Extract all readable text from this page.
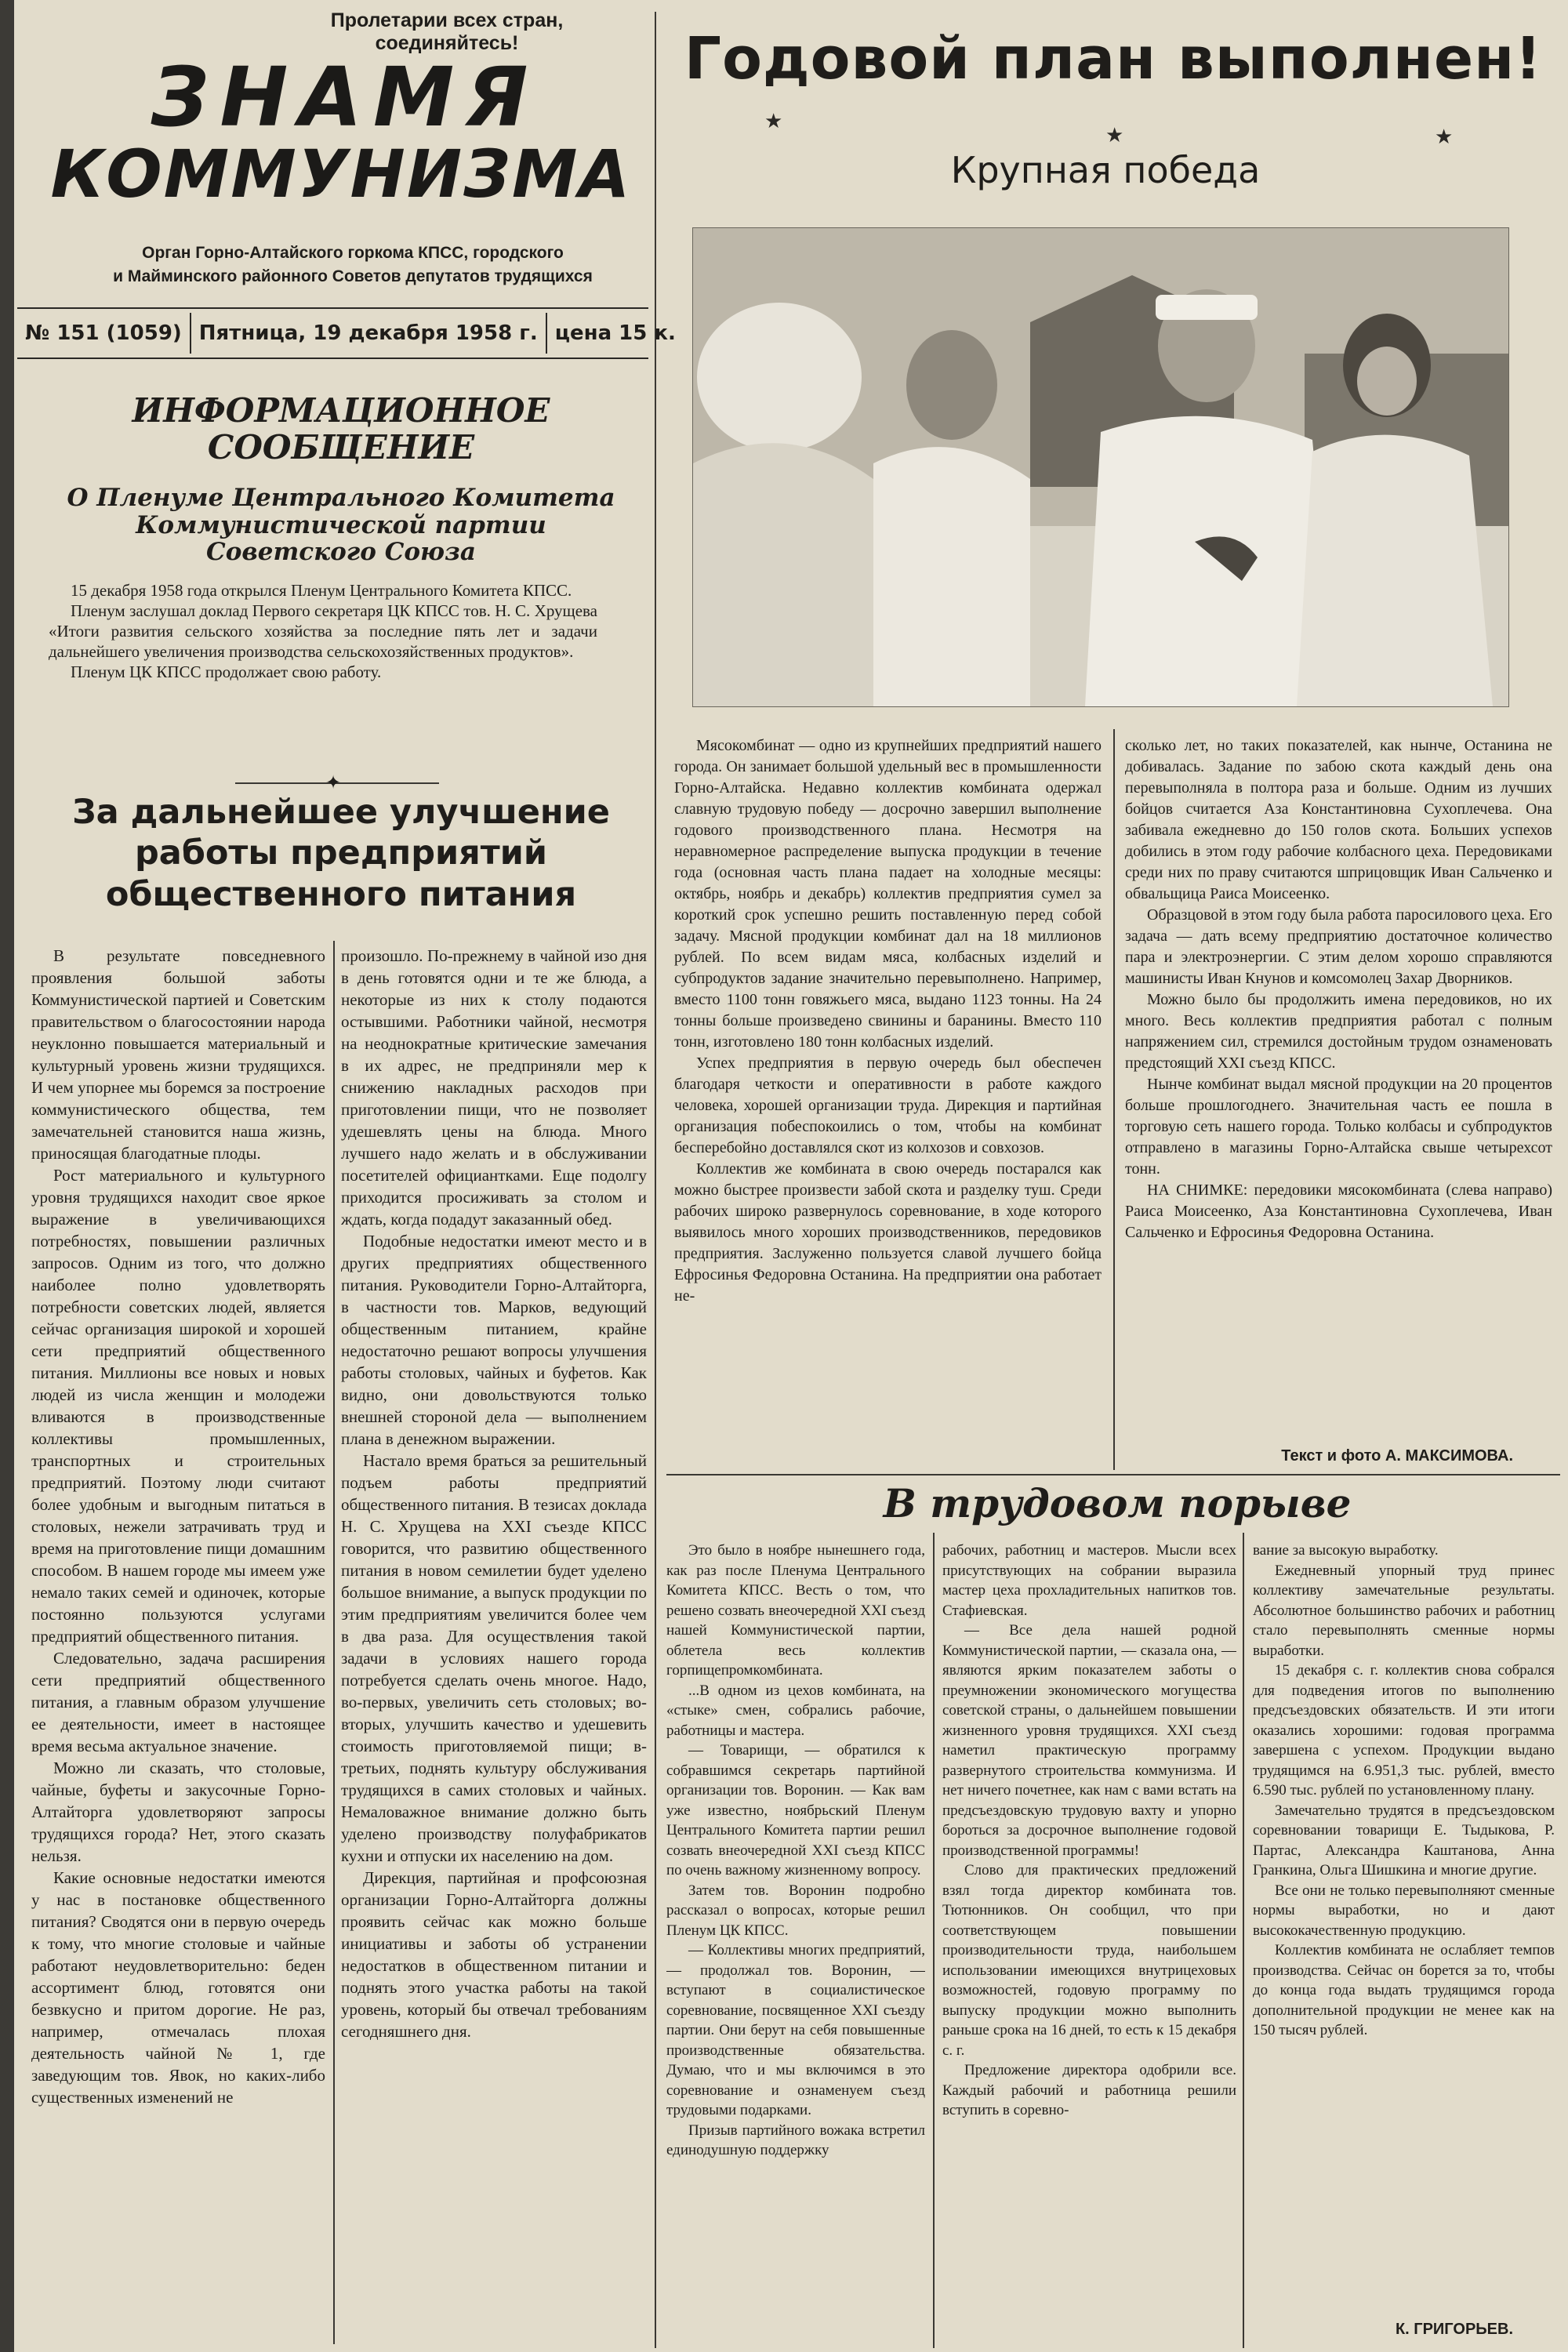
Пролетарии всех стран, соединяйтесь!
ЗНАМЯ
КОММУНИЗМА
Орган Горно-Алтайского горкома КПСС, городского
и Майминского районного Советов депутатов трудящихся
№ 151 (1059) Пятница, 19 декабря 1958 г. цена 15 к.
ИНФОРМАЦИОННОЕ
СООБЩЕНИЕ
О Пленуме Центрального Комитета
Коммунистической партии
Советского Союза

15 декабря 1958 года открылся Пленум Центрального Комитета КПСС.

Пленум заслушал доклад Первого секретаря ЦК КПСС тов. Н. С. Хрущева «Итоги развития сельского хозяйства за последние пять лет и задачи дальнейшего увеличения производства сельскохозяйственных продуктов».

Пленум ЦК КПСС продолжает свою работу.

✦
За дальнейшее улучшение
работы предприятий
общественного питания

В результате повседневного проявления большой заботы Коммунистической партией и Советским правительством о благосостоянии народа неуклонно повышается материальный и культурный уровень жизни трудящихся. И чем упорнее мы боремся за построение коммунистического общества, тем замечательней становится наша жизнь, приносящая благодатные плоды.

Рост материального и культурного уровня трудящихся находит свое яркое выражение в увеличивающихся потребностях, повышении различных запросов. Одним из того, что должно наиболее полно удовлетворять потребности советских людей, является сейчас организация широкой и хорошей сети предприятий общественного питания. Миллионы все новых и новых людей из числа женщин и молодежи вливаются в производственные коллективы промышленных, транспортных и строительных предприятий. Поэтому люди считают более удобным и выгодным питаться в столовых, нежели затрачивать труд и время на приготовление пищи домашним способом. В нашем городе мы имеем уже немало таких семей и одиночек, которые постоянно пользуются услугами предприятий общественного питания.

Следовательно, задача расширения сети предприятий общественного питания, а главным образом улучшение ее деятельности, имеет в настоящее время весьма актуальное значение.

Можно ли сказать, что столовые, чайные, буфеты и закусочные Горно-Алтайторга удовлетворяют запросы трудящихся города? Нет, этого сказать нельзя.

Какие основные недостатки имеются у нас в постановке общественного питания? Сводятся они в первую очередь к тому, что многие столовые и чайные работают неудовлетворительно: беден ассортимент блюд, готовятся они безвкусно и притом дорогие. Не раз, например, отмечалась плохая деятельность чайной № 1, где заведующим тов. Явок, но каких-либо существенных изменений не

произошло. По-прежнему в чайной изо дня в день готовятся одни и те же блюда, а некоторые из них к столу подаются остывшими. Работники чайной, несмотря на неоднократные критические замечания в их адрес, не предприняли мер к снижению накладных расходов при приготовлении пищи, что не позволяет удешевлять цены на блюда. Много лучшего надо желать и в обслуживании посетителей официантками. Еще подолгу приходится просиживать за столом и ждать, когда подадут заказанный обед.

Подобные недостатки имеют место и в других предприятиях общественного питания. Руководители Горно-Алтайторга, в частности тов. Марков, ведующий общественным питанием, крайне недостаточно решают вопросы улучшения работы столовых, чайных и буфетов. Как видно, они довольствуются только внешней стороной дела — выполнением плана в денежном выражении.

Настало время браться за решительный подъем работы предприятий общественного питания. В тезисах доклада Н. С. Хрущева на XXI съезде КПСС говорится, что развитию общественного питания в новом семилетии будет уделено большое внимание, а выпуск продукции по этим предприятиям увеличится более чем в два раза. Для осуществления такой задачи в условиях нашего города потребуется сделать очень многое. Надо, во-первых, увеличить сеть столовых; во-вторых, улучшить качество и удешевить стоимость приготовляемой пищи; в-третьих, поднять культуру обслуживания трудящихся в самих столовых и чайных. Немаловажное внимание должно быть уделено производству полуфабрикатов кухни и отпуски их населению на дом.

Дирекция, партийная и профсоюзная организации Горно-Алтайторга должны проявить сейчас как можно больше инициативы и заботы об устранении недостатков в общественном питании и поднять этого участка работы на такой уровень, который бы отвечал требованиям сегодняшнего дня.

Годовой план выполнен!
★
★	★
Крупная победа

Мясокомбинат — одно из крупнейших предприятий нашего города. Он занимает большой удельный вес в промышленности Горно-Алтайска. Недавно коллектив комбината одержал славную трудовую победу — досрочно завершил выполнение годового производственного плана. Несмотря на неравномерное распределение выпуска продукции в течение года (основная часть плана падает на холодные месяцы: октябрь, ноябрь и декабрь) коллектив предприятия сумел за короткий срок успешно решить поставленную перед собой задачу. Мясной продукции комбинат дал на 18 миллионов рублей. По всем видам мяса, колбасных изделий и субпродуктов задание значительно перевыполнено. Например, вместо 1100 тонн говяжьего мяса, выдано 1123 тонны. На 24 тонны больше произведено свинины и баранины. Вместо 110 тонн, изготовлено 180 тонн колбасных изделий.

Успех предприятия в первую очередь был обеспечен благодаря четкости и оперативности в работе каждого человека, хорошей организации труда. Дирекция и партийная организация побеспокоились о том, чтобы на комбинат бесперебойно доставлялся скот из колхозов и совхозов.

Коллектив же комбината в свою очередь постарался как можно быстрее произвести забой скота и разделку туш. Среди рабочих широко развернулось соревнование, в ходе которого выявилось много хороших производственников, передовиков предприятия. Заслуженно пользуется славой лучшего бойца Ефросинья Федоровна Останина. На предприятии она работает не-

сколько лет, но таких показателей, как нынче, Останина не добивалась. Задание по забою скота каждый день она перевыполняла в полтора раза и больше. Одним из лучших бойцов считается Аза Константиновна Сухоплечева. Она забивала ежедневно до 150 голов скота. Больших успехов добились в этом году рабочие колбасного цеха. Передовиками среди них по праву считаются шприцовщик Иван Сальченко и обвальщица Раиса Моисеенко.

Образцовой в этом году была работа паросилового цеха. Его задача — дать всему предприятию достаточное количество пара и электроэнергии. С этим делом хорошо справляются машинисты Иван Кнунов и комсомолец Захар Дворников.

Можно было бы продолжить имена передовиков, но их много. Весь коллектив предприятия работал с полным напряжением сил, стремился достойным трудом ознаменовать предстоящий XXI съезд КПСС.

Нынче комбинат выдал мясной продукции на 20 процентов больше прошлогоднего. Значительная часть ее пошла в торговую сеть нашего города. Только колбасы и субпродуктов отправлено в магазины Горно-Алтайска свыше четырехсот тонн.

НА СНИМКЕ: передовики мясокомбината (слева направо) Раиса Моисеенко, Аза Константиновна Сухоплечева, Иван Сальченко и Ефросинья Федоровна Останина.

Текст и фото А. МАКСИМОВА.
В трудовом порыве

Это было в ноябре нынешнего года, как раз после Пленума Центрального Комитета КПСС. Весть о том, что решено созвать внеочередной XXI съезд нашей Коммунистической партии, облетела весь коллектив горпищепромкомбината.

...В одном из цехов комбината, на «стыке» смен, собрались рабочие, работницы и мастера.

— Товарищи, — обратился к собравшимся секретарь партийной организации тов. Воронин. — Как вам уже известно, ноябрьский Пленум Центрального Комитета партии решил созвать внеочередной XXI съезд КПСС по очень важному жизненному вопросу.

Затем тов. Воронин подробно рассказал о вопросах, которые решил Пленум ЦК КПСС.

— Коллективы многих предприятий, — продолжал тов. Воронин, — вступают в социалистическое соревнование, посвященное XXI съезду партии. Они берут на себя повышенные производственные обязательства. Думаю, что и мы включимся в это соревнование и ознаменуем съезд трудовыми подарками.

Призыв партийного вожака встретил единодушную поддержку

рабочих, работниц и мастеров. Мысли всех присутствующих на собрании выразила мастер цеха прохладительных напитков тов. Стафиевская.

— Все дела нашей родной Коммунистической партии, — сказала она, — являются ярким показателем заботы о преумножении экономического могущества советской страны, о дальнейшем повышении жизненного уровня трудящихся. XXI съезд наметил практическую программу развернутого строительства коммунизма. И нет ничего почетнее, как нам с вами встать на предсъездовскую трудовую вахту и упорно бороться за досрочное выполнение годовой производственной программы!

Слово для практических предложений взял тогда директор комбината тов. Тютюнников. Он сообщил, что при соответствующем повышении производительности труда, наибольшем использовании имеющихся внутрицеховых возможностей, годовую программу по выпуску продукции можно выполнить раньше срока на 16 дней, то есть к 15 декабря с. г.

Предложение директора одобрили все. Каждый рабочий и работница решили вступить в соревно-

вание за высокую выработку.

Ежедневный упорный труд принес коллективу замечательные результаты. Абсолютное большинство рабочих и работниц стало перевыполнять сменные нормы выработки.

15 декабря с. г. коллектив снова собрался для подведения итогов по выполнению предсъездовских обязательств. И эти итоги оказались хорошими: годовая программа завершена с успехом. Продукции выдано трудящимся на 6.951,3 тыс. рублей, вместо 6.590 тыс. рублей по установленному плану.

Замечательно трудятся в предсъездовском соревновании товарищи Е. Тыдыкова, Р. Партас, Александра Каштанова, Анна Гранкина, Ольга Шишкина и многие другие.

Все они не только перевыполняют сменные нормы выработки, но и дают высококачественную продукцию.

Коллектив комбината не ослабляет темпов производства. Сейчас он борется за то, чтобы до конца года выдать трудящимся города дополнительной продукции не менее как на 150 тысяч рублей.

К. ГРИГОРЬЕВ.
